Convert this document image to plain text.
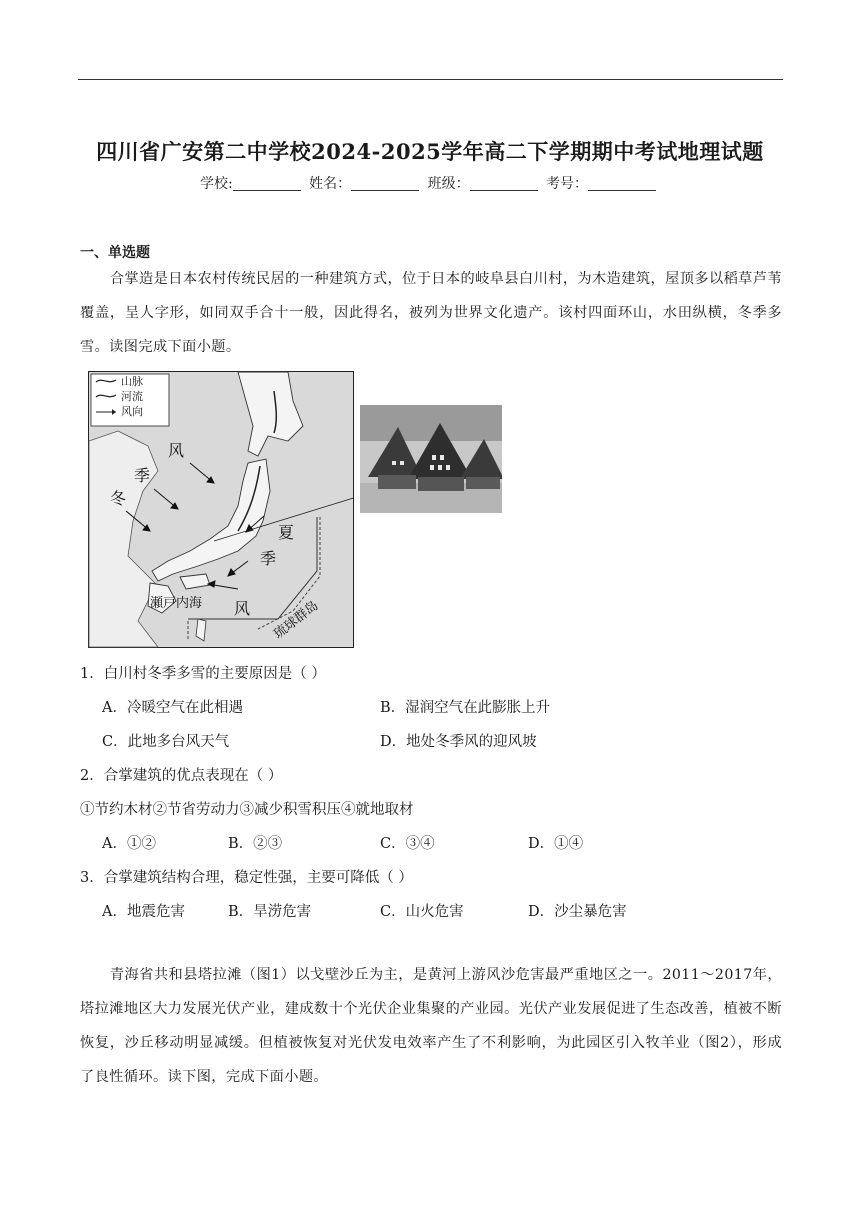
四川省广安第二中学校2024-2025学年高二下学期期中考试地理试题
学校:	姓名：	班级：	考号：
一、单选题
合掌造是日本农村传统民居的一种建筑方式，位于日本的岐阜县白川村，为木造建筑，屋顶多以稻草芦苇覆盖，呈人字形，如同双手合十一般，因此得名，被列为世界文化遗产。该村四面环山，水田纵横，冬季多雪。读图完成下面小题。
山脉
河流
风向
风
季
冬
夏
季
风
瀬戸内海	琉球群岛
1．白川村冬季多雪的主要原因是（ ）
A．冷暖空气在此相遇	B．湿润空气在此膨胀上升
C．此地多台风天气	D．地处冬季风的迎风坡
2．合掌建筑的优点表现在（ ）
①节约木材②节省劳动力③减少积雪积压④就地取材
A．①②	B．②③	C．③④	D．①④
3．合掌建筑结构合理，稳定性强，主要可降低（ ）
A．地震危害	B．旱涝危害	C．山火危害	D．沙尘暴危害
青海省共和县塔拉滩（图1）以戈壁沙丘为主，是黄河上游风沙危害最严重地区之一。2011～2017年，塔拉滩地区大力发展光伏产业，建成数十个光伏企业集聚的产业园。光伏产业发展促进了生态改善，植被不断恢复，沙丘移动明显减缓。但植被恢复对光伏发电效率产生了不利影响，为此园区引入牧羊业（图2），形成了良性循环。读下图，完成下面小题。
